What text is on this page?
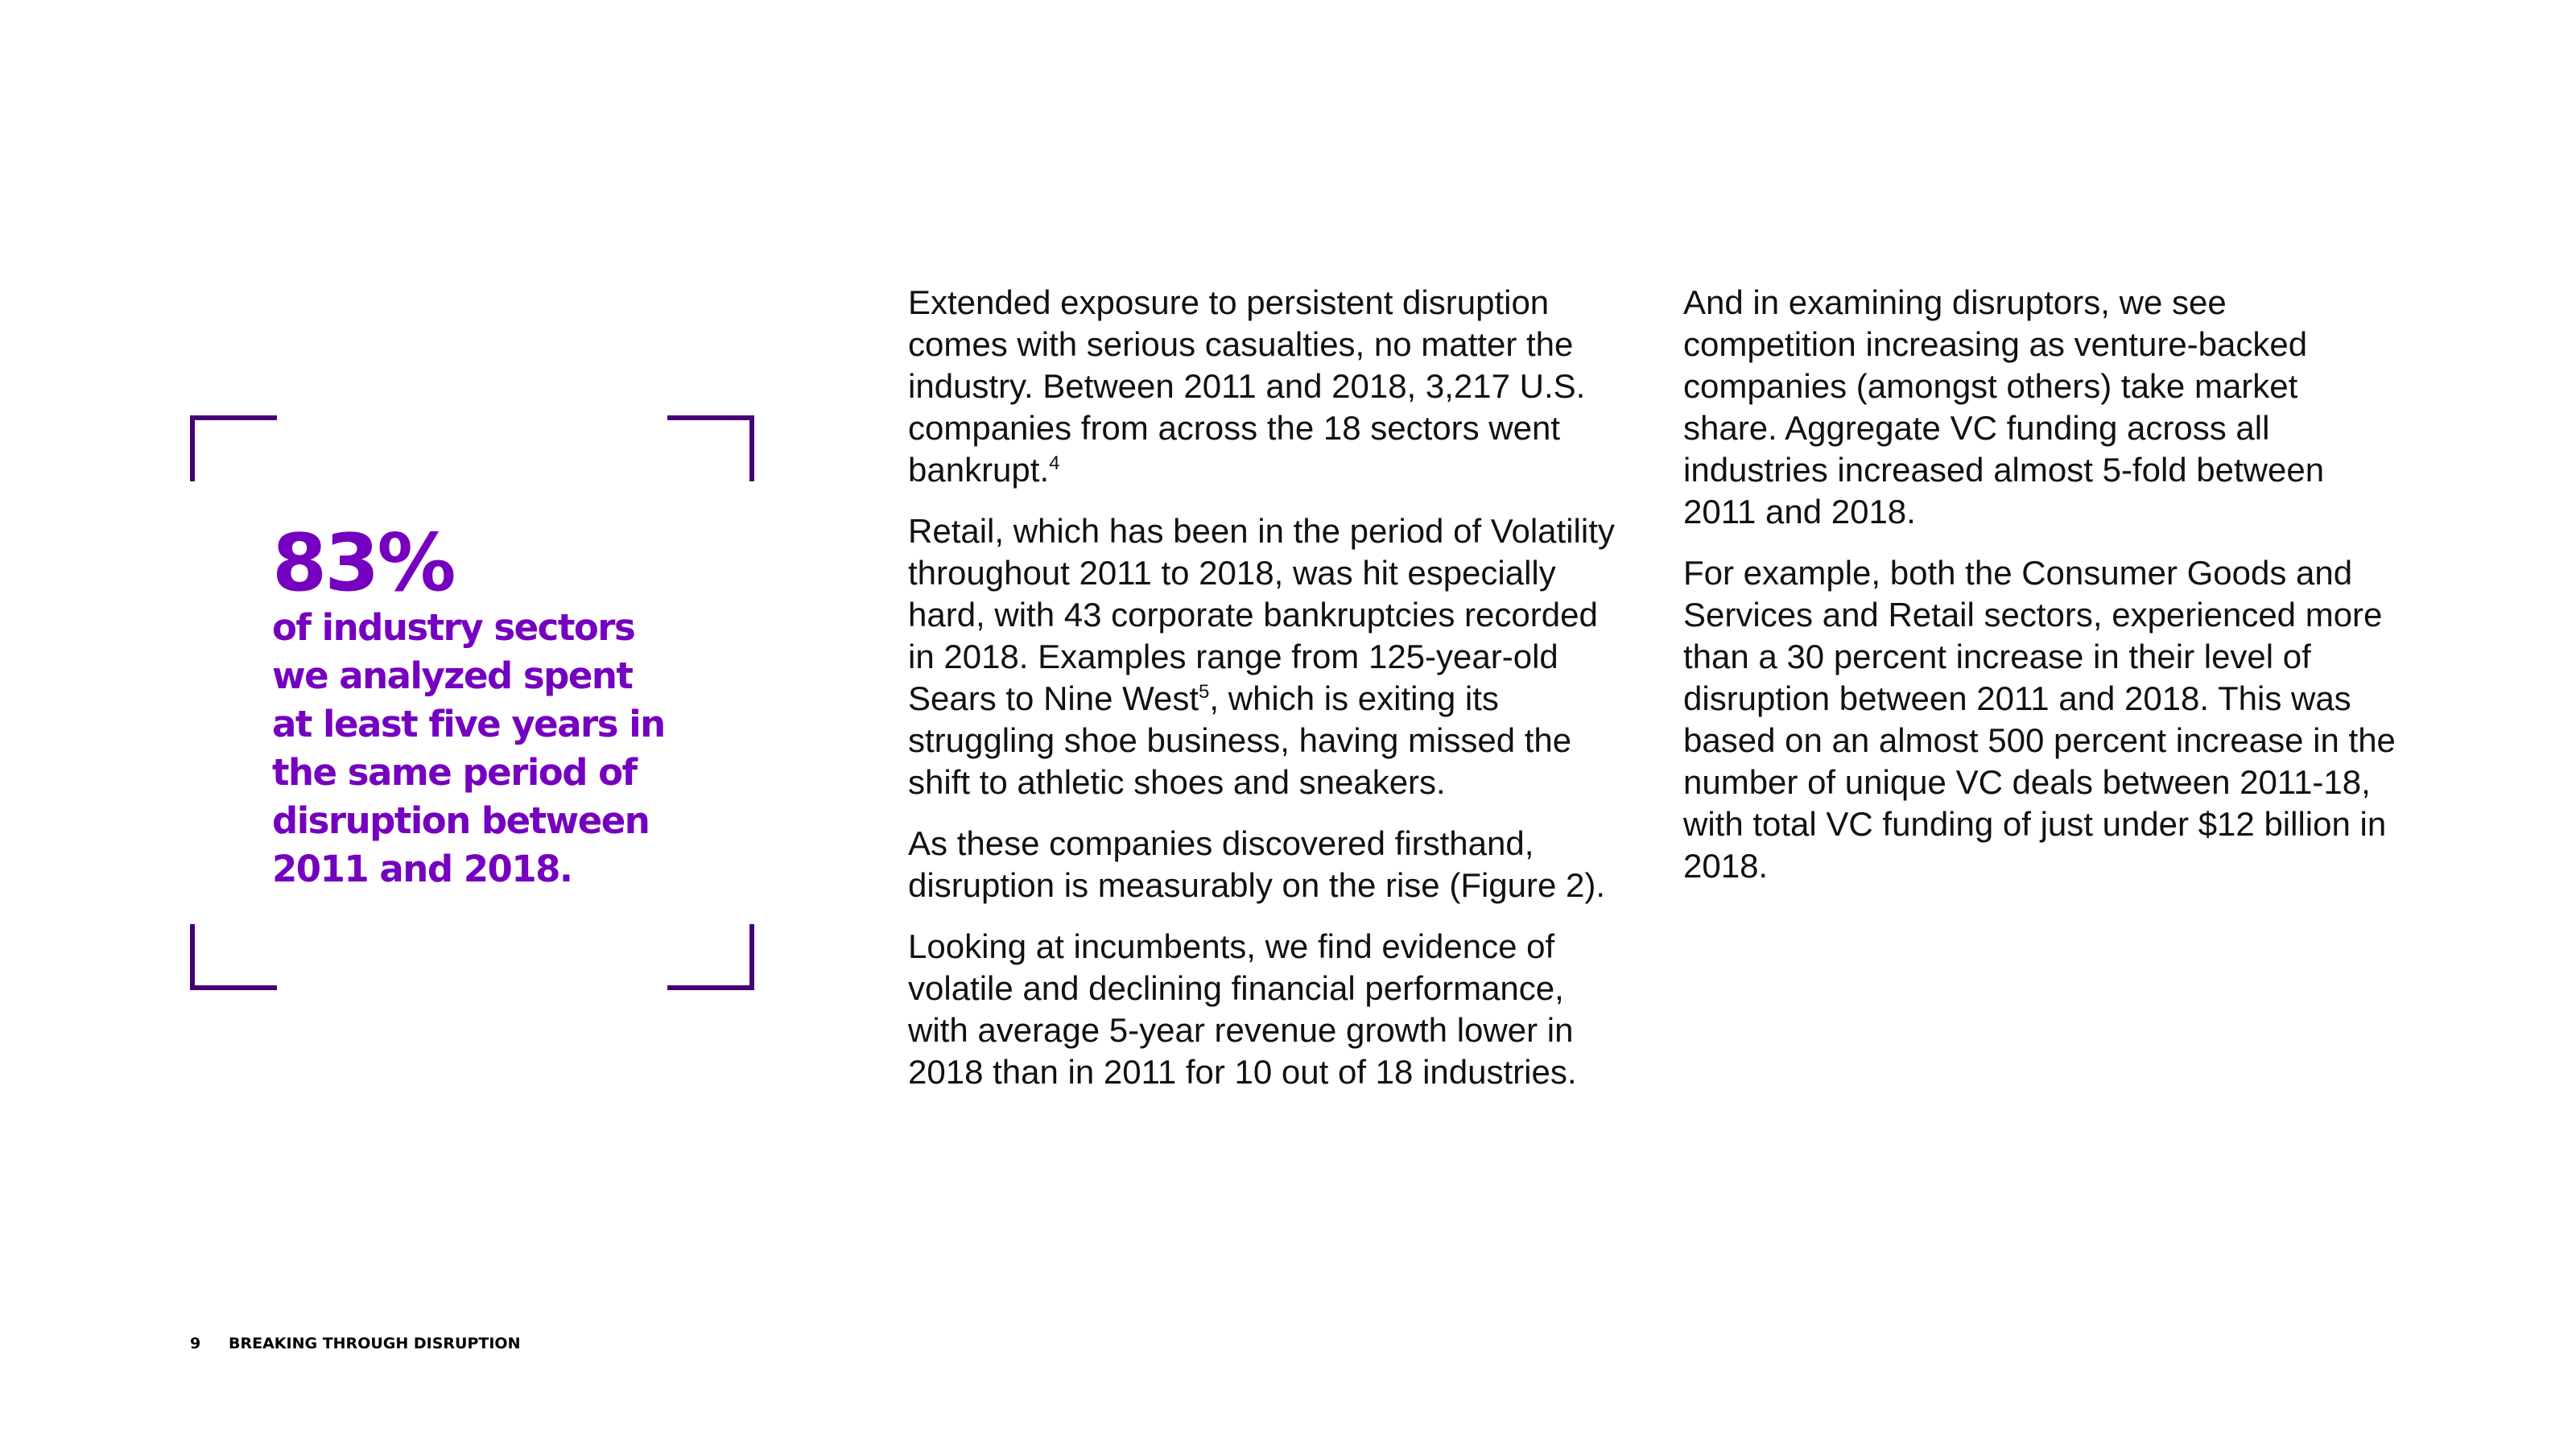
83%

of industry sectors
we analyzed spent
at least five years in
the same period of
disruption between
2011 and 2018.

Extended exposure to persistent disruption comes with serious casualties, no matter the industry. Between 2011 and 2018, 3,217 U.S. companies from across the 18 sectors went bankrupt.$^4$

Retail, which has been in the period of Volatility throughout 2011 to 2018, was hit especially hard, with 43 corporate bankruptcies recorded in 2018. Examples range from 125-year-old Sears to Nine West$^5$, which is exiting its struggling shoe business, having missed the shift to athletic shoes and sneakers.

As these companies discovered firsthand, disruption is measurably on the rise (Figure 2).

Looking at incumbents, we find evidence of volatile and declining financial performance, with average 5-year revenue growth lower in 2018 than in 2011 for 10 out of 18 industries.

And in examining disruptors, we see competition increasing as venture-backed companies (amongst others) take market share. Aggregate VC funding across all industries increased almost 5-fold between 2011 and 2018.

For example, both the Consumer Goods and Services and Retail sectors, experienced more than a 30 percent increase in their level of disruption between 2011 and 2018. This was based on an almost 500 percent increase in the number of unique VC deals between 2011-18, with total VC funding of just under $12 billion in 2018.

9 BREAKING THROUGH DISRUPTION
